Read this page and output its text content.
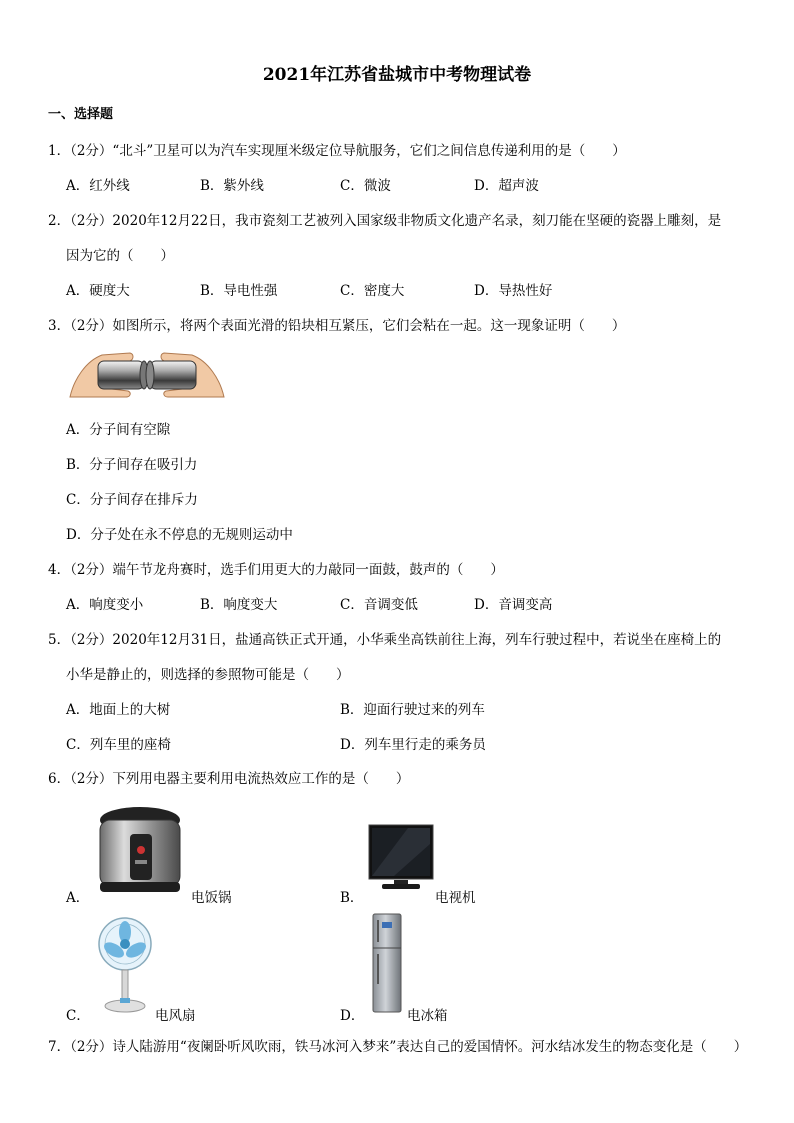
2021年江苏省盐城市中考物理试卷
一、选择题
1．（2分）“北斗”卫星可以为汽车实现厘米级定位导航服务，它们之间信息传递利用的是（　　）
A．红外线	B．紫外线	C．微波	D．超声波
2．（2分）2020年12月22日，我市瓷刻工艺被列入国家级非物质文化遗产名录，刻刀能在坚硬的瓷器上雕刻，是
因为它的（　　）
A．硬度大	B．导电性强	C．密度大	D．导热性好
3．（2分）如图所示，将两个表面光滑的铅块相互紧压，它们会粘在一起。这一现象证明（　　）
A．分子间有空隙
B．分子间存在吸引力
C．分子间存在排斥力
D．分子处在永不停息的无规则运动中
4．（2分）端午节龙舟赛时，选手们用更大的力敲同一面鼓，鼓声的（　　）
A．响度变小	B．响度变大	C．音调变低	D．音调变高
5．（2分）2020年12月31日，盐通高铁正式开通，小华乘坐高铁前往上海，列车行驶过程中，若说坐在座椅上的
小华是静止的，则选择的参照物可能是（　　）
A．地面上的大树	B．迎面行驶过来的列车
C．列车里的座椅	D．列车里行走的乘务员
6．（2分）下列用电器主要利用电流热效应工作的是（　　）
A．	电饭锅	B．	电视机
C．	电风扇	D．	电冰箱
7．（2分）诗人陆游用“夜阑卧听风吹雨，铁马冰河入梦来”表达自己的爱国情怀。河水结冰发生的物态变化是（　　）
